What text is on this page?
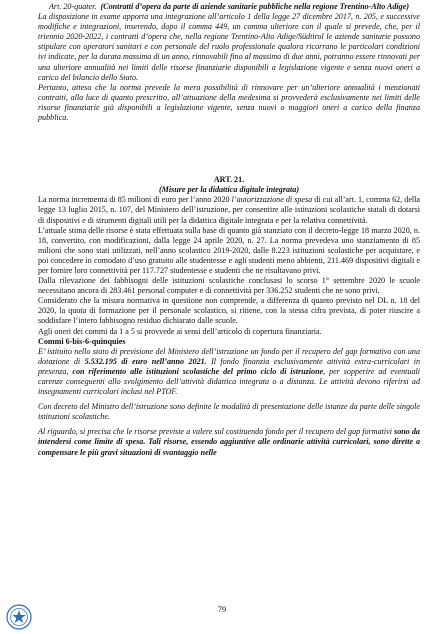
Art. 20-quater. (Contratti d’opera da parte di aziende sanitarie pubbliche nella regione Trentino-Alto Adige)

La disposizione in esame apporta una integrazione all’articolo 1 della legge 27 dicembre 2017, n. 205, e successive modifiche e integrazioni, inserendo, dopo il comma 449, un comma ulteriore con il quale si prevede, che, per il triennio 2020-2022, i contratti d’opera che, nella regione Trentino-Alto Adige/Südtirol le aziende sanitarie possono stipulare con operatori sanitari e con personale del ruolo professionale qualora ricorrano le particolari condizioni ivi indicate, per la durata massima di un anno, rinnovabili fino al massimo di due anni, potranno essere rinnovati per una ulteriore annualità nei limiti delle risorse finanziarie disponibili a legislazione vigente e senza nuovi oneri a carico del bilancio dello Stato.

Pertanto, atteso che la norma prevede la mera possibilità di rinnovare per un’ulteriore annualità i menzionati contratti, alla luce di quanto prescritto, all’attuazione della medesima si provvederà esclusivamente nei limiti delle risorse finanziarie già disponibili a legislazione vigente, senza nuovi o maggiori oneri a carico della finanza pubblica.

ART. 21.

(Misure per la didattica digitale integrata)

La norma incrementa di 85 milioni di euro per l’anno 2020 l’autorizzazione di spesa di cui all’art. 1, comma 62, della legge 13 luglio 2015, n. 107, del Ministero dell’istruzione, per consentire alle istituzioni scolastiche statali di dotarsi di dispositivi e di strumenti digitali utili per la didattica digitale integrata e per la relativa connettività.

L’attuale stima delle risorse è stata effettuata sulla base di quanto già stanziato con il decreto-legge 18 marzo 2020, n. 18, convertito, con modificazioni, dalla legge 24 aprile 2020, n. 27. La norma prevedeva uno stanziamento di 85 milioni che sono stati utilizzati, nell’anno scolastico 2019-2020, dalle 8.223 istituzioni scolastiche per acquistare, e poi concedere in comodato d’uso gratuito alle studentesse e agli studenti meno abbienti, 211.469 dispositivi digitali e per fornire loro connettività per 117.727 studentesse e studenti che ne risultavano privi.

Dalla rilevazione dei fabbisogni delle istituzioni scolastiche conclusasi lo scorso 1° settembre 2020 le scuole necessitano ancora di 283.461 personal computer e di connettività per 336.252 studenti che ne sono privi.

Considerato che la misura normativa in questione non comprende, a differenza di quanto previsto nel DL n. 18 del 2020, la quota di formazione per il personale scolastico, si ritiene, con la stessa cifra prevista, di poter riuscire a soddisfare l’intero fabbisogno residuo dichiarato dalle scuole.

Agli oneri dei commi da 1 a 5 si provvede ai sensi dell’articolo di copertura finanziaria.

Commi 6-bis-6-quinquies

E’ istituito nello stato di previsione del Ministero dell’istruzione un fondo per il recupero del gap formativo con una dotazione di 5.532.195 di euro nell’anno 2021. Il fondo finanzia esclusivamente attività extra-curricolari in presenza, con riferimento alle istituzioni scolastiche del primo ciclo di istruzione, per sopperire ad eventuali carenze conseguenti allo svolgimento dell’attività didattica integrata o a distanza. Le attività devono riferirsi ad insegnamenti curricolari inclusi nel PTOF.

Con decreto del Ministro dell’istruzione sono definite le modalità di presentazione delle istanze da parte delle singole istituzioni scolastiche.

Al riguardo, si precisa che le risorse previste a valere sul costituendo fondo per il recupero del gap formativi sono da intendersi come limite di spesa. Tali risorse, essendo aggiuntive alle ordinarie attività curricolari, sono dirette a compensare le più gravi situazioni di svantaggio nelle

79
